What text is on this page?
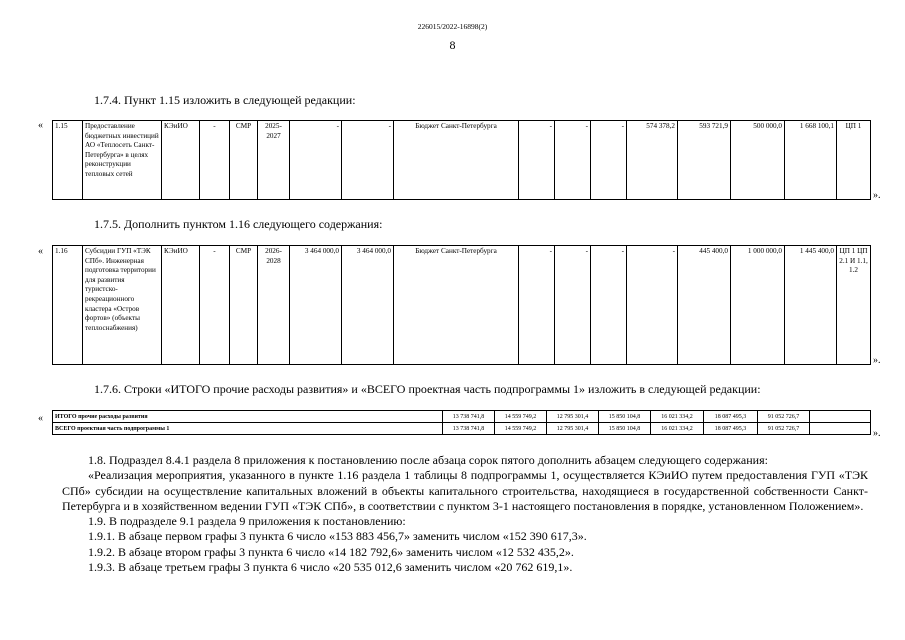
226015/2022-16898(2)
8
1.7.4. Пункт 1.15 изложить в следующей редакции:
« 1.15	Предоставление бюджетных инвестиций АО «Теплосеть Санкт-Петербурга» в целях реконструкции тепловых сетей	КЭиИО	-	СМР	2025-2027	-	-	Бюджет Санкт-Петербурга	-	-	-	574 378,2	593 721,9	500 000,0	1 668 100,1	ЦП 1
».
1.7.5. Дополнить пунктом 1.16 следующего содержания:
« 1.16	Субсидии ГУП «ТЭК СПб». Инженерная подготовка территории для развития туристско-рекреационного кластера «Остров фортов» (объекты теплоснабжения)	КЭиИО	-	СМР	2026-2028	3 464 000,0	3 464 000,0	Бюджет Санкт-Петербурга	-	-	-	-	445 400,0	1 000 000,0	1 445 400,0	ЦП 1 ЦП 2.1 И 1.1, 1.2
».
1.7.6. Строки «ИТОГО прочие расходы развития» и «ВСЕГО проектная часть подпрограммы 1» изложить в следующей редакции:
« ИТОГО прочие расходы развития	13 738 741,8	14 559 749,2	12 795 301,4	15 850 104,8	16 021 334,2	18 087 495,3	91 052 726,7	
ВСЕГО проектная часть подпрограммы 1	13 738 741,8	14 559 749,2	12 795 301,4	15 850 104,8	16 021 334,2	18 087 495,3	91 052 726,7		».

1.8. Подраздел 8.4.1 раздела 8 приложения к постановлению после абзаца сорок пятого дополнить абзацем следующего содержания:

«Реализация мероприятия, указанного в пункте 1.16 раздела 1 таблицы 8 подпрограммы 1, осуществляется КЭиИО путем предоставления ГУП «ТЭК СПб» субсидии на осуществление капитальных вложений в объекты капитального строительства, находящиеся в государственной собственности Санкт-Петербурга и в хозяйственном ведении ГУП «ТЭК СПб», в соответствии с пунктом 3-1 настоящего постановления в порядке, установленном Положением».

1.9. В подразделе 9.1 раздела 9 приложения к постановлению:

1.9.1. В абзаце первом графы 3 пункта 6 число «153 883 456,7» заменить числом «152 390 617,3».

1.9.2. В абзаце втором графы 3 пункта 6 число «14 182 792,6» заменить числом «12 532 435,2».

1.9.3. В абзаце третьем графы 3 пункта 6 число «20 535 012,6 заменить числом «20 762 619,1».
